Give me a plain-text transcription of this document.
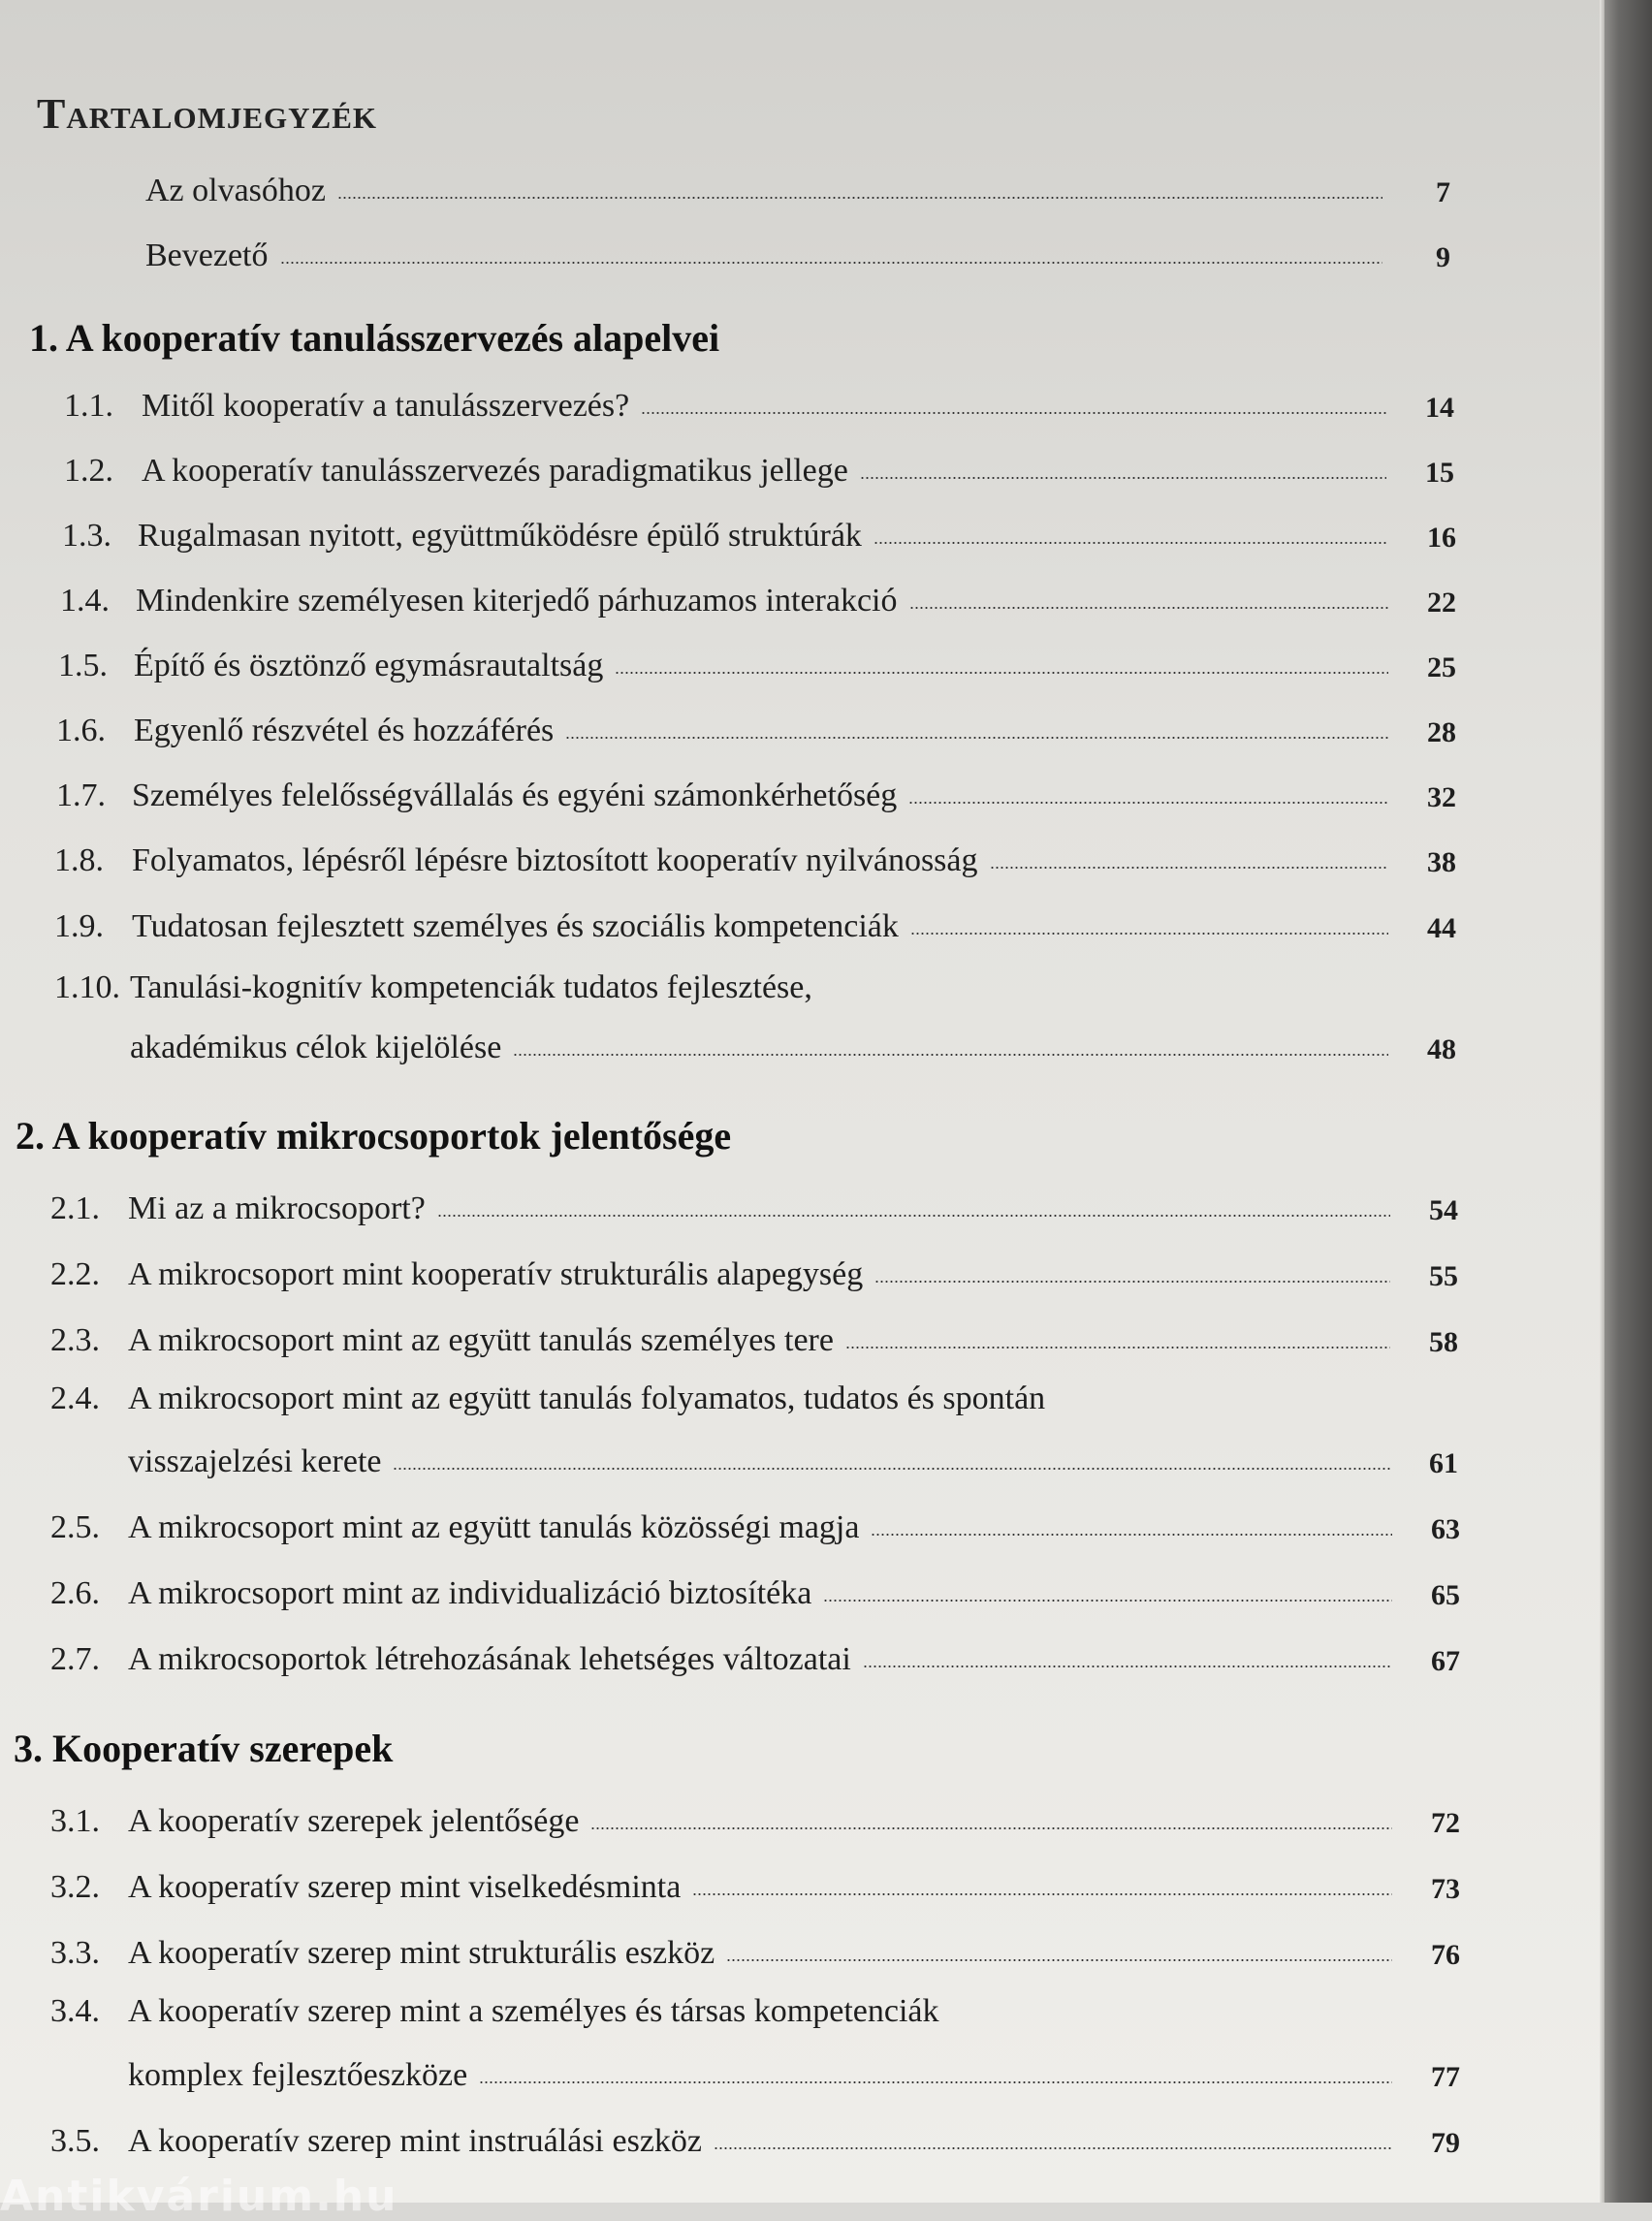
Tartalomjegyzék
Az olvasóhoz	7
Bevezető	9
1. A kooperatív tanulásszervezés alapelvei
1.1. Mitől kooperatív a tanulásszervezés?	14
1.2. A kooperatív tanulásszervezés paradigmatikus jellege	15
1.3. Rugalmasan nyitott, együttműködésre épülő struktúrák	16
1.4. Mindenkire személyesen kiterjedő párhuzamos interakció	22
1.5. Építő és ösztönző egymásrautaltság	25
1.6. Egyenlő részvétel és hozzáférés	28
1.7. Személyes felelősségvállalás és egyéni számonkérhetőség	32
1.8. Folyamatos, lépésről lépésre biztosított kooperatív nyilvánosság	38
1.9. Tudatosan fejlesztett személyes és szociális kompetenciák	44
1.10. Tanulási-kognitív kompetenciák tudatos fejlesztése,
akadémikus célok kijelölése	48
2. A kooperatív mikrocsoportok jelentősége
2.1. Mi az a mikrocsoport?	54
2.2. A mikrocsoport mint kooperatív strukturális alapegység	55
2.3. A mikrocsoport mint az együtt tanulás személyes tere	58
2.4. A mikrocsoport mint az együtt tanulás folyamatos, tudatos és spontán
visszajelzési kerete	61
2.5. A mikrocsoport mint az együtt tanulás közösségi magja	63
2.6. A mikrocsoport mint az individualizáció biztosítéka	65
2.7. A mikrocsoportok létrehozásának lehetséges változatai	67
3. Kooperatív szerepek
3.1. A kooperatív szerepek jelentősége	72
3.2. A kooperatív szerep mint viselkedésminta	73
3.3. A kooperatív szerep mint strukturális eszköz	76
3.4. A kooperatív szerep mint a személyes és társas kompetenciák
komplex fejlesztőeszköze	77
3.5. A kooperatív szerep mint instruálási eszköz	79
Antikvárium.hu
